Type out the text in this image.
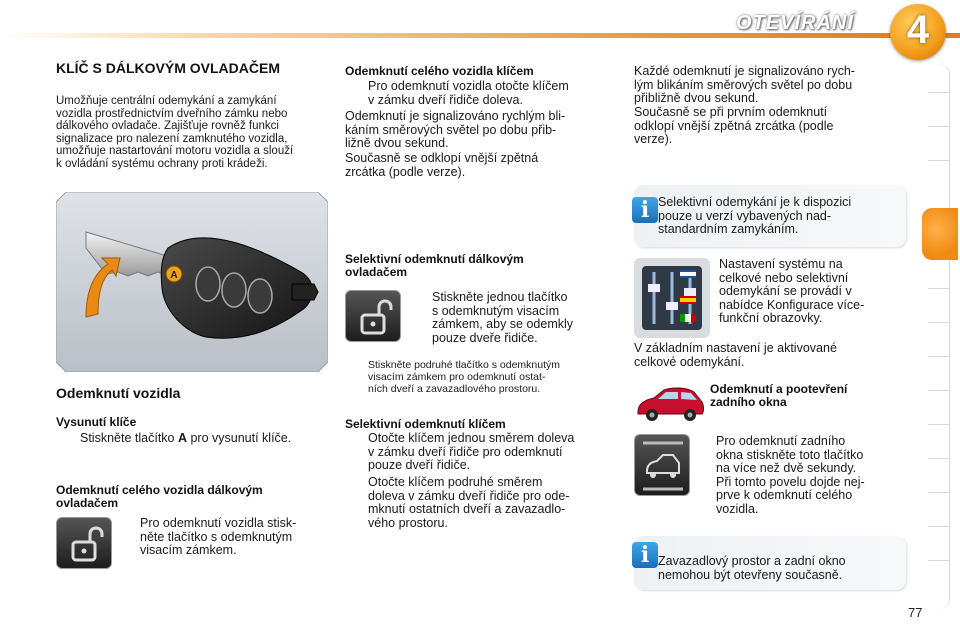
OTEVÍRÁNÍ	4
KLÍČ S DÁLKOVÝM OVLADAČEM
Umožňuje centrální odemykání a zamykání
vozidla prostřednictvím dveřního zámku nebo
dálkového ovladače. Zajišťuje rovněž funkci
signalizace pro nalezení zamknutého vozidla,
umožňuje nastartování motoru vozidla a slouží
k ovládání systému ochrany proti krádeži.
A
Odemknutí vozidla
Vysunutí klíče
Stiskněte tlačítko A pro vysunutí klíče.
Odemknutí celého vozidla dálkovým
ovladačem
Pro odemknutí vozidla stisk-
něte tlačítko s odemknutým
visacím zámkem.
Odemknutí celého vozidla klíčem
Pro odemknutí vozidla otočte klíčem
v zámku dveří řidiče doleva.
Odemknutí je signalizováno rychlým bli-
káním směrových světel po dobu přib-
ližně dvou sekund.
Současně se odklopí vnější zpětná
zrcátka (podle verze).
Selektivní odemknutí dálkovým
ovladačem
Stiskněte jednou tlačítko
s odemknutým visacím
zámkem, aby se odemkly
pouze dveře řidiče.
Stiskněte podruhé tlačítko s odemknutým
visacím zámkem pro odemknutí ostat-
ních dveří a zavazadlového prostoru.
Selektivní odemknutí klíčem
Otočte klíčem jednou směrem doleva
v zámku dveří řidiče pro odemknutí
pouze dveří řidiče.
Otočte klíčem podruhé směrem
doleva v zámku dveří řidiče pro ode-
mknutí ostatních dveří a zavazadlo-
vého prostoru.
Každé odemknutí je signalizováno rych-
lým blikáním směrových světel po dobu
přibližně dvou sekund.
Současně se při prvním odemknutí
odklopí vnější zpětná zrcátka (podle
verze).
i Selektivní odemykání je k dispozici
pouze u verzí vybavených nad-
standardním zamykáním.
Nastavení systému na
celkové nebo selektivní
odemykání se provádí v
nabídce Konfigurace více-
funkční obrazovky.
V základním nastavení je aktivované
celkové odemykání.
Odemknutí a pootevření
zadního okna
Pro odemknutí zadního
okna stiskněte toto tlačítko
na více než dvě sekundy.
Při tomto povelu dojde nej-
prve k odemknutí celého
vozidla.
i Zavazadlový prostor a zadní okno
nemohou být otevřeny současně.
77
